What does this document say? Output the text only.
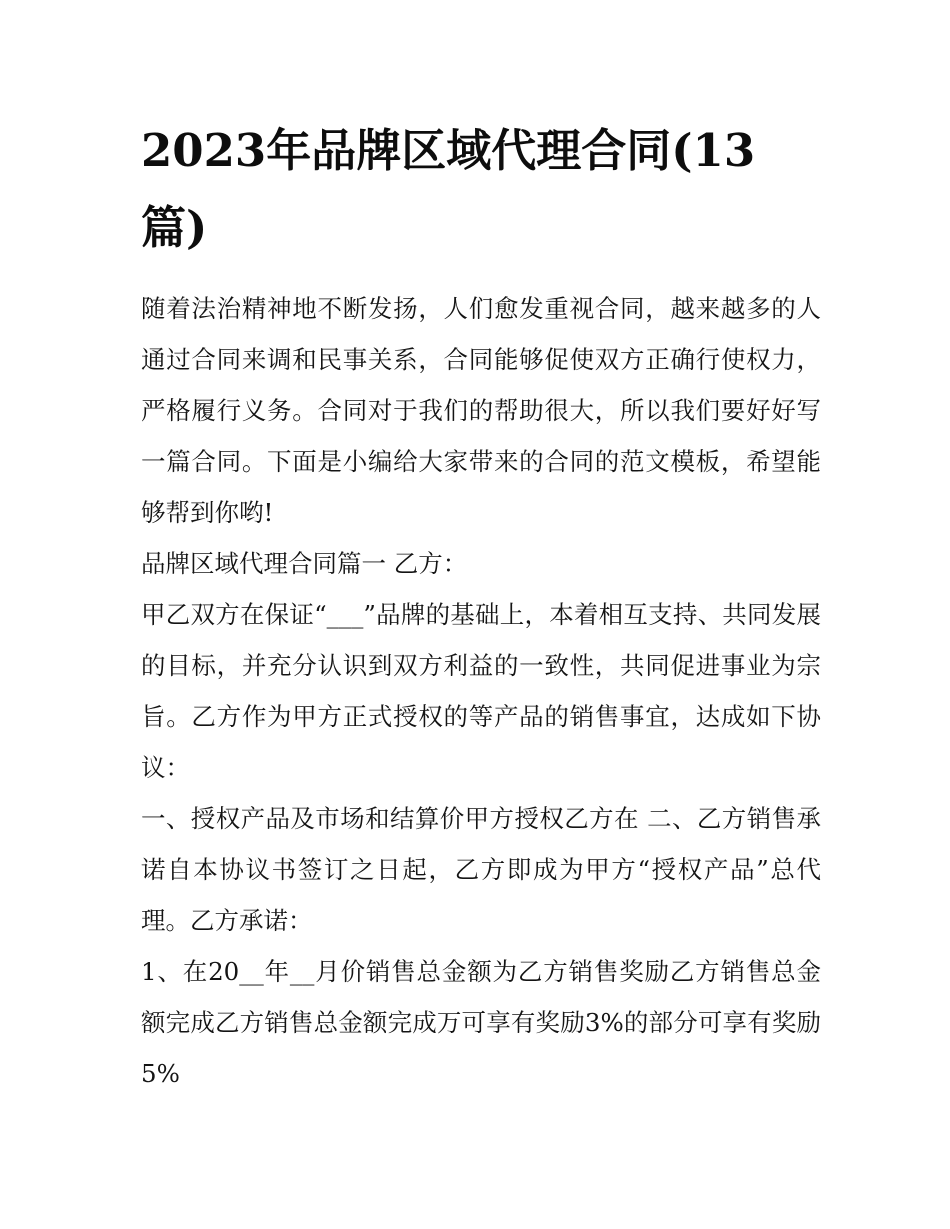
2023年品牌区域代理合同(13篇)

随着法治精神地不断发扬，人们愈发重视合同，越来越多的人通过合同来调和民事关系，合同能够促使双方正确行使权力，严格履行义务。合同对于我们的帮助很大，所以我们要好好写一篇合同。下面是小编给大家带来的合同的范文模板，希望能够帮到你哟!

品牌区域代理合同篇一 乙方：

甲乙双方在保证“___”品牌的基础上，本着相互支持、共同发展的目标，并充分认识到双方利益的一致性，共同促进事业为宗旨。乙方作为甲方正式授权的等产品的销售事宜，达成如下协议：

一、授权产品及市场和结算价甲方授权乙方在 二、乙方销售承诺自本协议书签订之日起，乙方即成为甲方“授权产品”总代理。乙方承诺：

1、在20__年__月价销售总金额为乙方销售奖励乙方销售总金额完成乙方销售总金额完成万可享有奖励3%的部分可享有奖励5%
